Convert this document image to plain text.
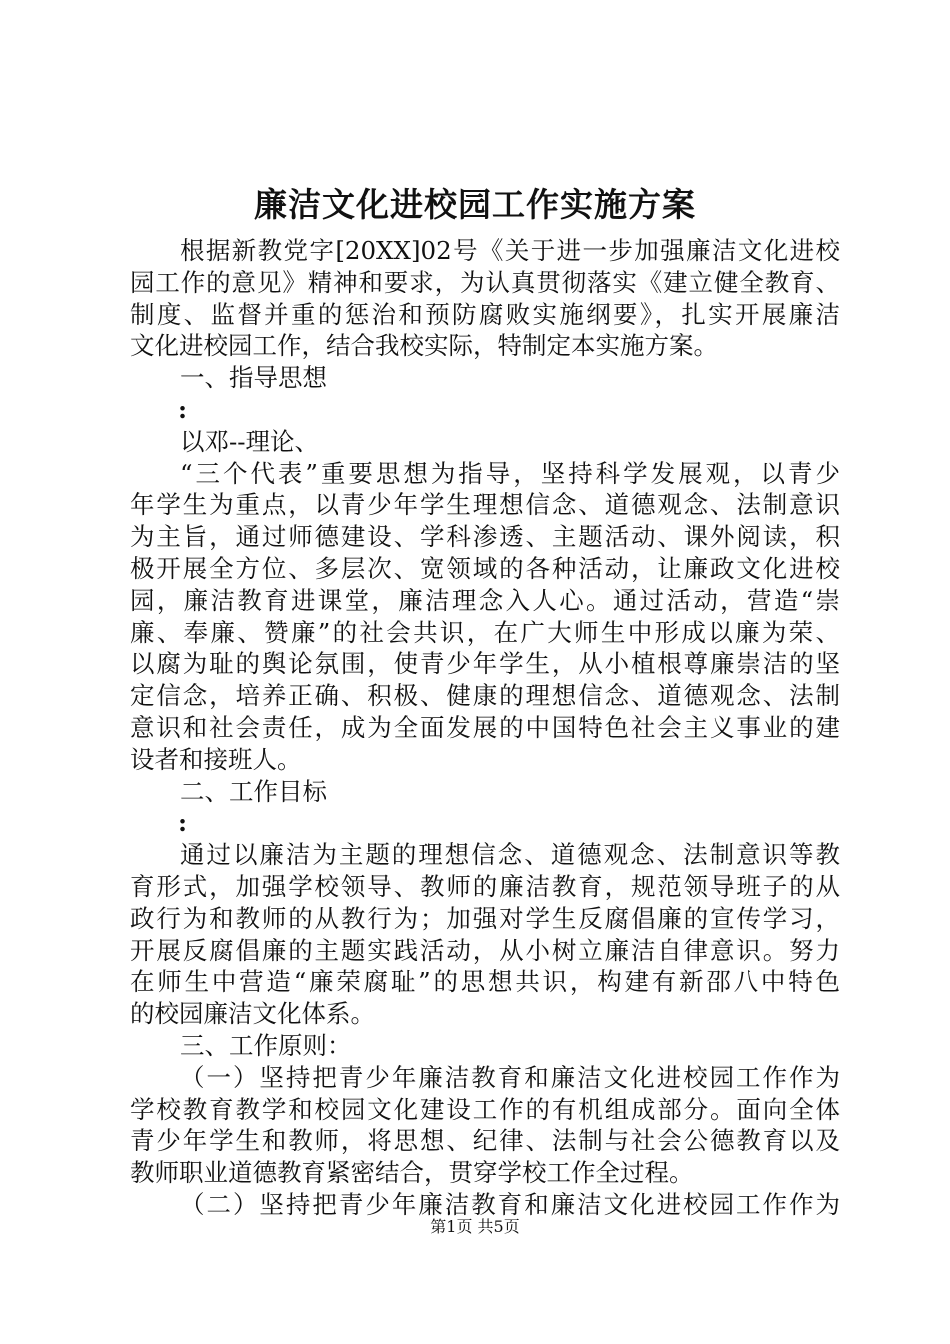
廉洁文化进校园工作实施方案
根据新教党字[20XX]02号《关于进一步加强廉洁文化进校
园工作的意见》精神和要求，为认真贯彻落实《建立健全教育、
制度、监督并重的惩治和预防腐败实施纲要》，扎实开展廉洁
文化进校园工作，结合我校实际，特制定本实施方案。
一、指导思想
:
以邓--理论、
“三个代表”重要思想为指导，坚持科学发展观，以青少
年学生为重点，以青少年学生理想信念、道德观念、法制意识
为主旨，通过师德建设、学科渗透、主题活动、课外阅读，积
极开展全方位、多层次、宽领域的各种活动，让廉政文化进校
园，廉洁教育进课堂，廉洁理念入人心。通过活动，营造“崇
廉、奉廉、赞廉”的社会共识，在广大师生中形成以廉为荣、
以腐为耻的舆论氛围，使青少年学生，从小植根尊廉崇洁的坚
定信念，培养正确、积极、健康的理想信念、道德观念、法制
意识和社会责任，成为全面发展的中国特色社会主义事业的建
设者和接班人。
二、工作目标
:
通过以廉洁为主题的理想信念、道德观念、法制意识等教
育形式，加强学校领导、教师的廉洁教育，规范领导班子的从
政行为和教师的从教行为；加强对学生反腐倡廉的宣传学习，
开展反腐倡廉的主题实践活动，从小树立廉洁自律意识。努力
在师生中营造“廉荣腐耻”的思想共识，构建有新邵八中特色
的校园廉洁文化体系。
三、工作原则：
（一）坚持把青少年廉洁教育和廉洁文化进校园工作作为
学校教育教学和校园文化建设工作的有机组成部分。面向全体
青少年学生和教师，将思想、纪律、法制与社会公德教育以及
教师职业道德教育紧密结合，贯穿学校工作全过程。
（二）坚持把青少年廉洁教育和廉洁文化进校园工作作为
第1页 共5页
